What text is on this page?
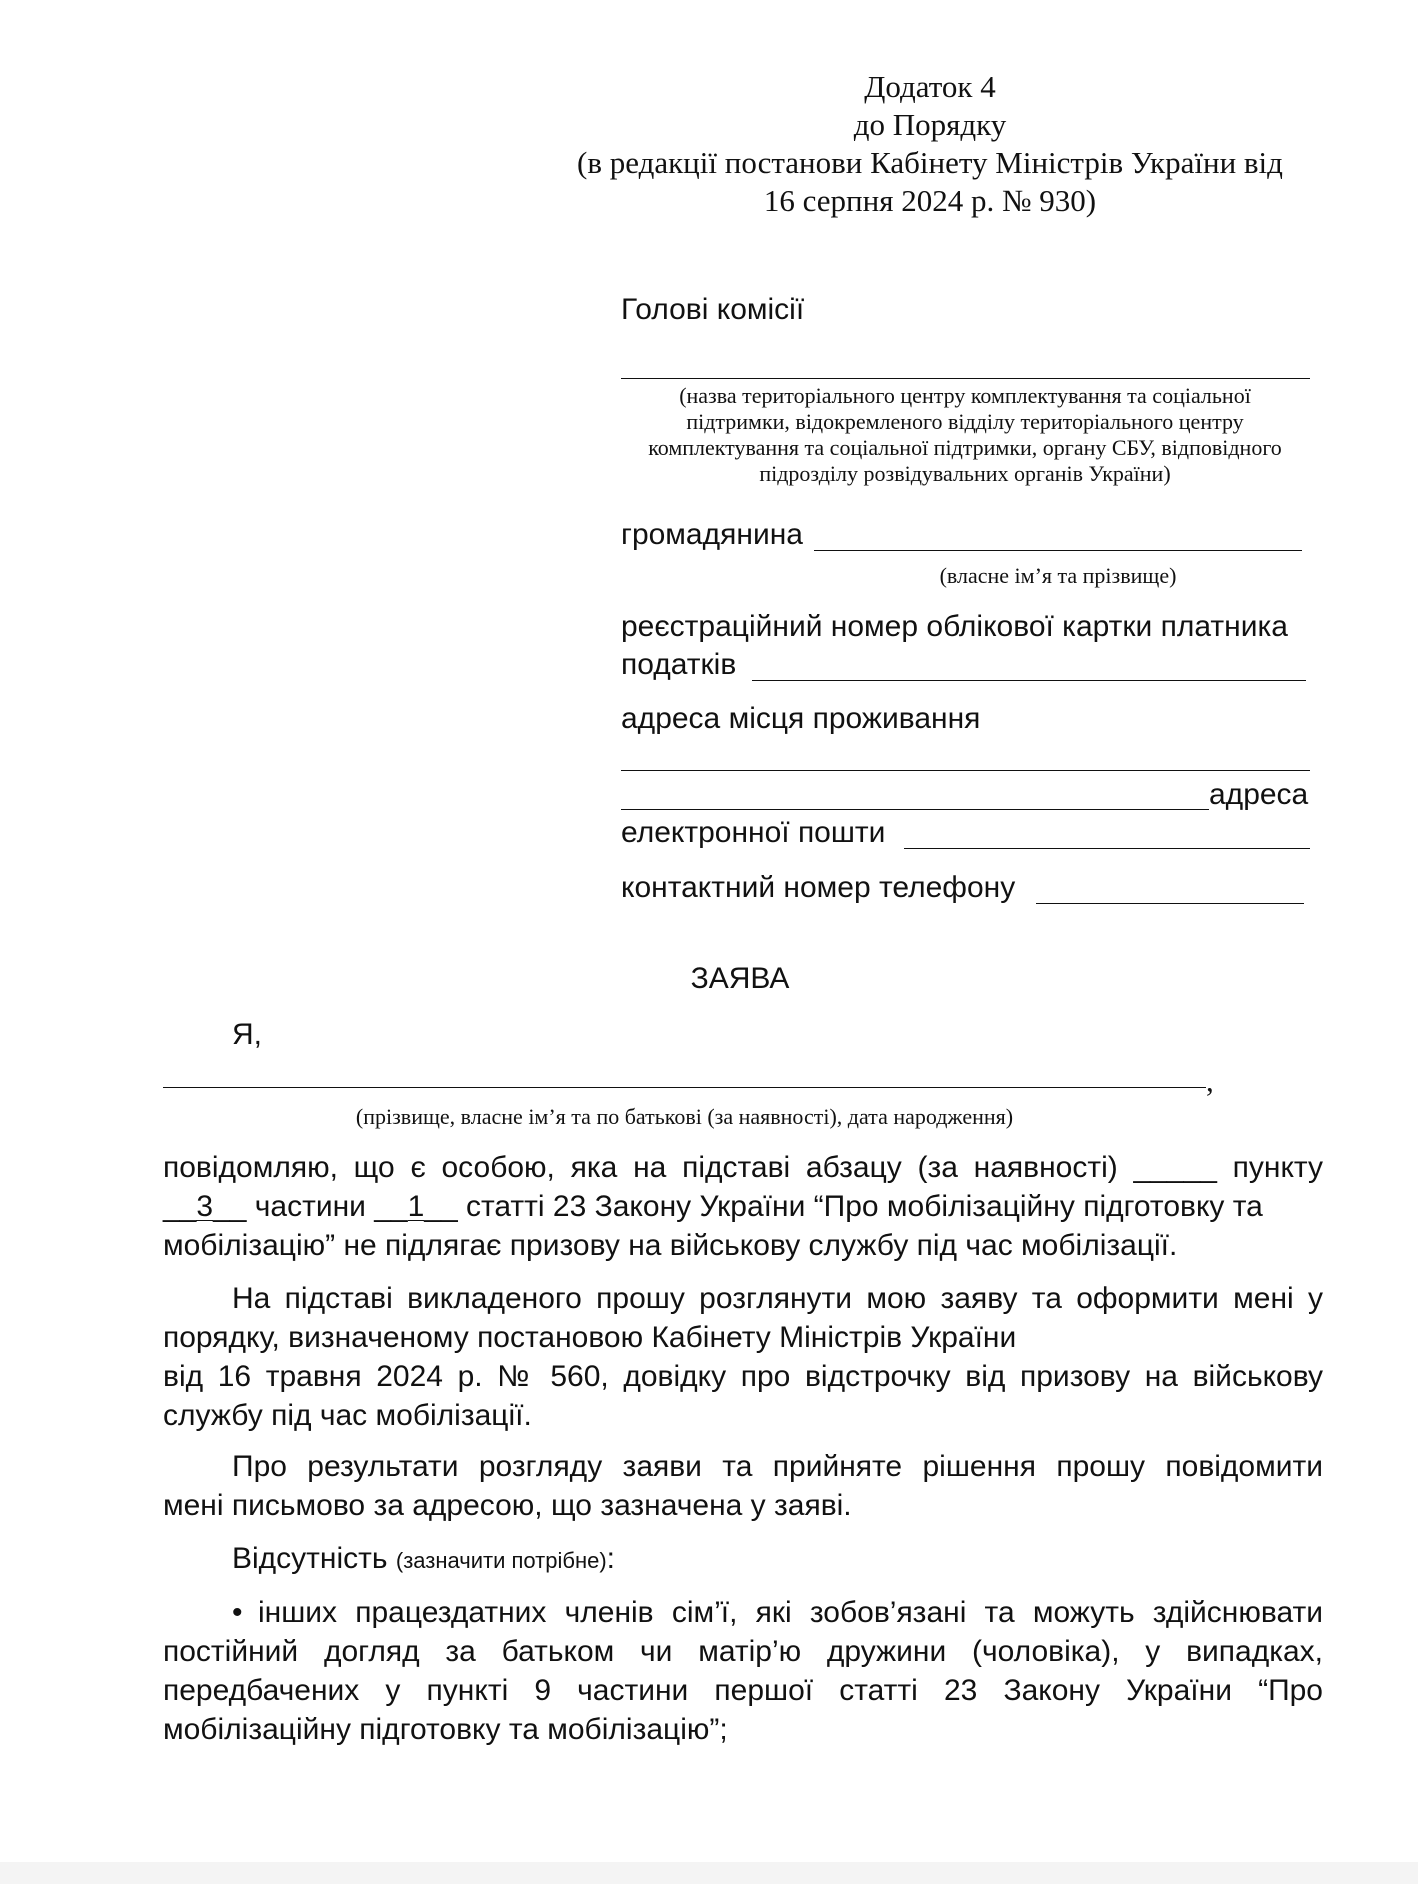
Додаток 4
до Порядку
(в редакції постанови Кабінету Міністрів України від
16 серпня 2024 р. № 930)
Голові комісії
(назва територіального центру комплектування та соціальної
підтримки, відокремленого відділу територіального центру
комплектування та соціальної підтримки, органу СБУ, відповідного
підрозділу розвідувальних органів України)
громадянина
(власне ім’я та прізвище)
реєстраційний номер облікової картки платника
податків
адреса місця проживання
адреса
електронної пошти
контактний номер телефону
ЗАЯВА
Я,
,
(прізвище, власне ім’я та по батькові (за наявності), дата народження)
повідомляю, що є особою, яка на підставі абзацу (за наявності) _____ пункту
__3__ частини __1__ статті 23 Закону України “Про мобілізаційну підготовку та
мобілізацію” не підлягає призову на військову службу під час мобілізації.
На підставі викладеного прошу розглянути мою заяву та оформити мені у
порядку, визначеному постановою Кабінету Міністрів України
від 16 травня 2024 р. № 560, довідку про відстрочку від призову на військову
службу під час мобілізації.
Про результати розгляду заяви та прийняте рішення прошу повідомити
мені письмово за адресою, що зазначена у заяві.
Відсутність (зазначити потрібне):
• інших працездатних членів сім’ї, які зобов’язані та можуть здійснювати
постійний догляд за батьком чи матір’ю дружини (чоловіка), у випадках,
передбачених у пункті 9 частини першої статті 23 Закону України “Про
мобілізаційну підготовку та мобілізацію”;
